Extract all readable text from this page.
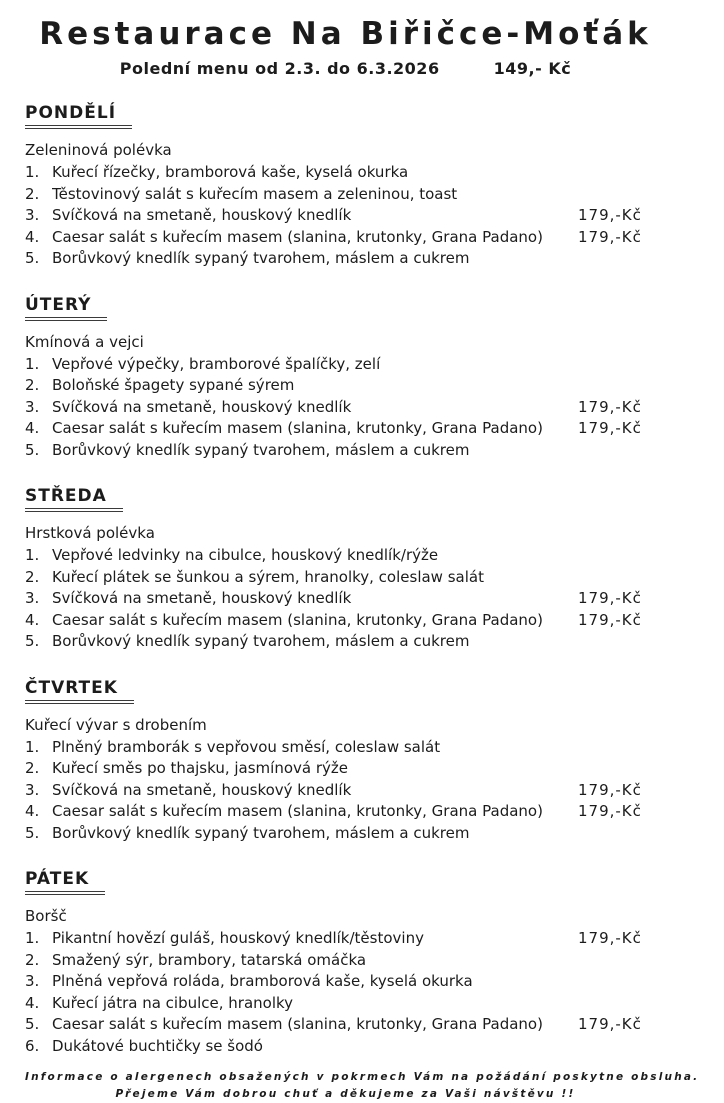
Restaurace Na Biřičce-Moťák
Polední menu od 2.3. do 6.3.2026	149,- Kč
PONDĚLÍ
Zeleninová polévka
1. Kuřecí řízečky, bramborová kaše, kyselá okurka
2. Těstovinový salát s kuřecím masem a zeleninou, toast
3. Svíčková na smetaně, houskový knedlík	179,-Kč
4. Caesar salát s kuřecím masem (slanina, krutonky, Grana Padano)	179,-Kč
5. Borůvkový knedlík sypaný tvarohem, máslem a cukrem
ÚTERÝ
Kmínová a vejci
1. Vepřové výpečky, bramborové špalíčky, zelí
2. Boloňské špagety sypané sýrem
3. Svíčková na smetaně, houskový knedlík	179,-Kč
4. Caesar salát s kuřecím masem (slanina, krutonky, Grana Padano)	179,-Kč
5. Borůvkový knedlík sypaný tvarohem, máslem a cukrem
STŘEDA
Hrstková polévka
1. Vepřové ledvinky na cibulce, houskový knedlík/rýže
2. Kuřecí plátek se šunkou a sýrem, hranolky, coleslaw salát
3. Svíčková na smetaně, houskový knedlík	179,-Kč
4. Caesar salát s kuřecím masem (slanina, krutonky, Grana Padano)	179,-Kč
5. Borůvkový knedlík sypaný tvarohem, máslem a cukrem
ČTVRTEK
Kuřecí vývar s drobením
1. Plněný bramborák s vepřovou směsí, coleslaw salát
2. Kuřecí směs po thajsku, jasmínová rýže
3. Svíčková na smetaně, houskový knedlík	179,-Kč
4. Caesar salát s kuřecím masem (slanina, krutonky, Grana Padano)	179,-Kč
5. Borůvkový knedlík sypaný tvarohem, máslem a cukrem
PÁTEK
Boršč
1. Pikantní hovězí guláš, houskový knedlík/těstoviny	179,-Kč
2. Smažený sýr, brambory, tatarská omáčka
3. Plněná vepřová roláda, bramborová kaše, kyselá okurka
4. Kuřecí játra na cibulce, hranolky
5. Caesar salát s kuřecím masem (slanina, krutonky, Grana Padano)	179,-Kč
6. Dukátové buchtičky se šodó
Informace o alergenech obsažených v pokrmech Vám na požádání poskytne obsluha.
Přejeme Vám dobrou chuť a děkujeme za Vaši návštěvu !!
